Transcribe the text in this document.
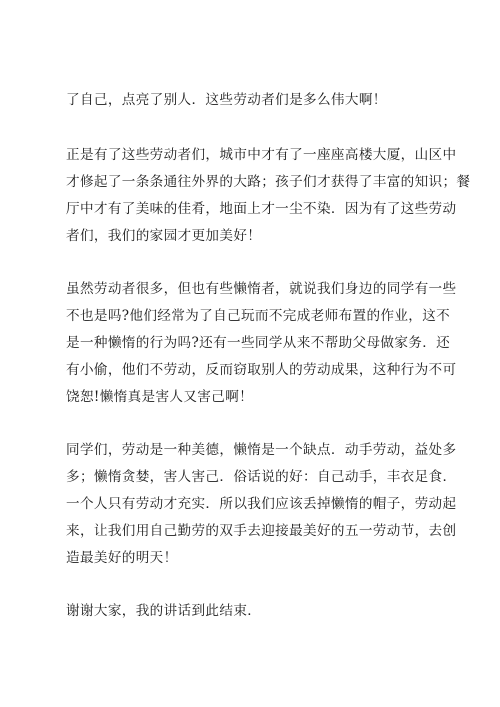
了自己，点亮了别人．这些劳动者们是多么伟大啊！

正是有了这些劳动者们，城市中才有了一座座高楼大厦，山区中

才修起了一条条通往外界的大路；孩子们才获得了丰富的知识；餐

厅中才有了美味的佳肴，地面上才一尘不染．因为有了这些劳动

者们，我们的家园才更加美好！

虽然劳动者很多，但也有些懒惰者，就说我们身边的同学有一些

不也是吗?他们经常为了自己玩而不完成老师布置的作业，这不

是一种懒惰的行为吗?还有一些同学从来不帮助父母做家务．还

有小偷，他们不劳动，反而窃取别人的劳动成果，这种行为不可

饶恕!懒惰真是害人又害己啊！

同学们，劳动是一种美德，懒惰是一个缺点．动手劳动，益处多

多；懒惰贪婪，害人害己．俗话说的好：自己动手，丰衣足食．

一个人只有劳动才充实．所以我们应该丢掉懒惰的帽子，劳动起

来，让我们用自己勤劳的双手去迎接最美好的五一劳动节，去创

造最美好的明天！

谢谢大家，我的讲话到此结束．
